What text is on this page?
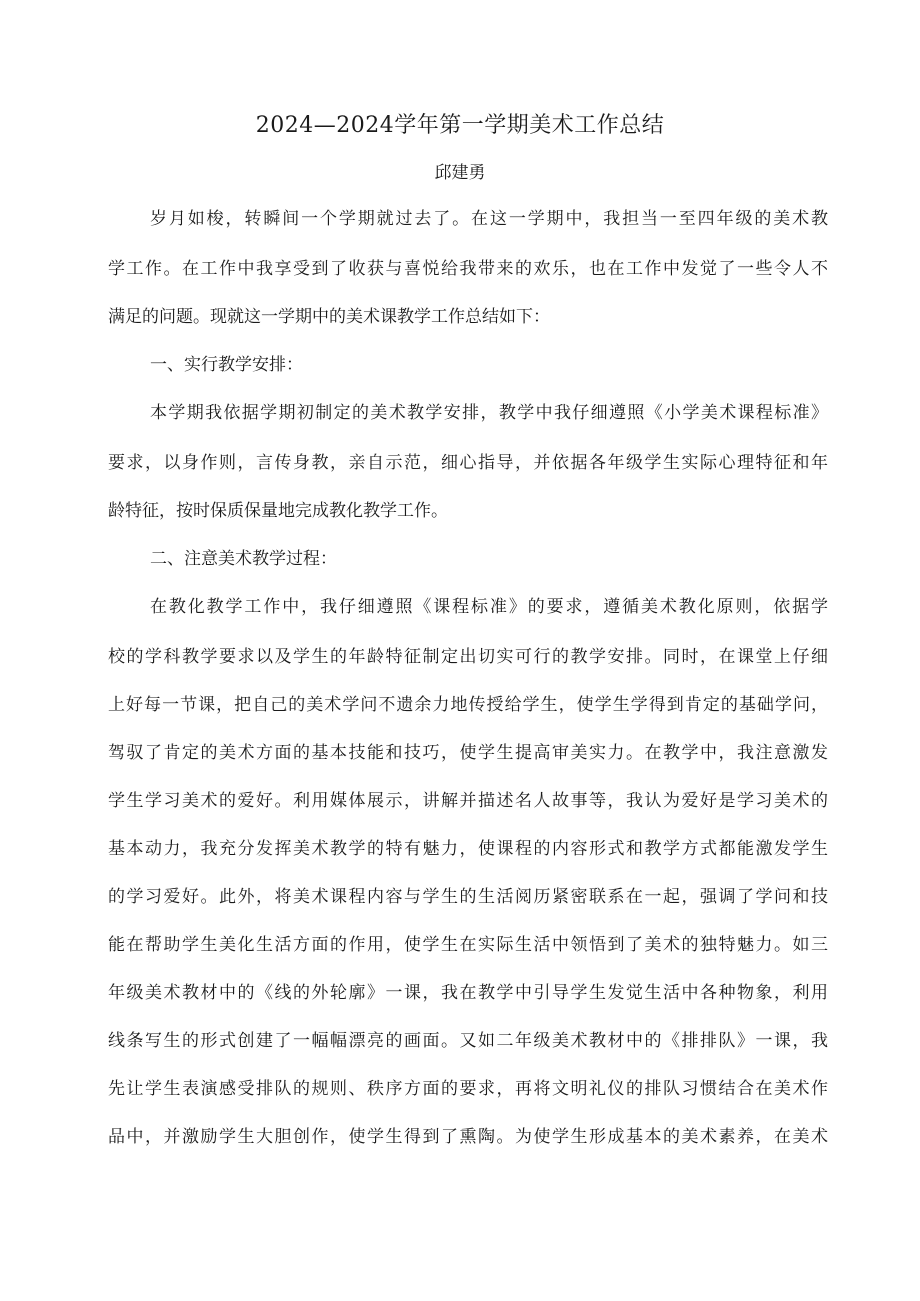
2024—2024学年第一学期美术工作总结
邱建勇
岁月如梭，转瞬间一个学期就过去了。在这一学期中，我担当一至四年级的美术教
学工作。在工作中我享受到了收获与喜悦给我带来的欢乐，也在工作中发觉了一些令人不
满足的问题。现就这一学期中的美术课教学工作总结如下：
一、实行教学安排：
本学期我依据学期初制定的美术教学安排，教学中我仔细遵照《小学美术课程标准》
要求，以身作则，言传身教，亲自示范，细心指导，并依据各年级学生实际心理特征和年
龄特征，按时保质保量地完成教化教学工作。
二、注意美术教学过程：
在教化教学工作中，我仔细遵照《课程标准》的要求，遵循美术教化原则，依据学
校的学科教学要求以及学生的年龄特征制定出切实可行的教学安排。同时，在课堂上仔细
上好每一节课，把自己的美术学问不遗余力地传授给学生，使学生学得到肯定的基础学问，
驾驭了肯定的美术方面的基本技能和技巧，使学生提高审美实力。在教学中，我注意激发
学生学习美术的爱好。利用媒体展示，讲解并描述名人故事等，我认为爱好是学习美术的
基本动力，我充分发挥美术教学的特有魅力，使课程的内容形式和教学方式都能激发学生
的学习爱好。此外，将美术课程内容与学生的生活阅历紧密联系在一起，强调了学问和技
能在帮助学生美化生活方面的作用，使学生在实际生活中领悟到了美术的独特魅力。如三
年级美术教材中的《线的外轮廓》一课，我在教学中引导学生发觉生活中各种物象，利用
线条写生的形式创建了一幅幅漂亮的画面。又如二年级美术教材中的《排排队》一课，我
先让学生表演感受排队的规则、秩序方面的要求，再将文明礼仪的排队习惯结合在美术作
品中，并激励学生大胆创作，使学生得到了熏陶。为使学生形成基本的美术素养，在美术
